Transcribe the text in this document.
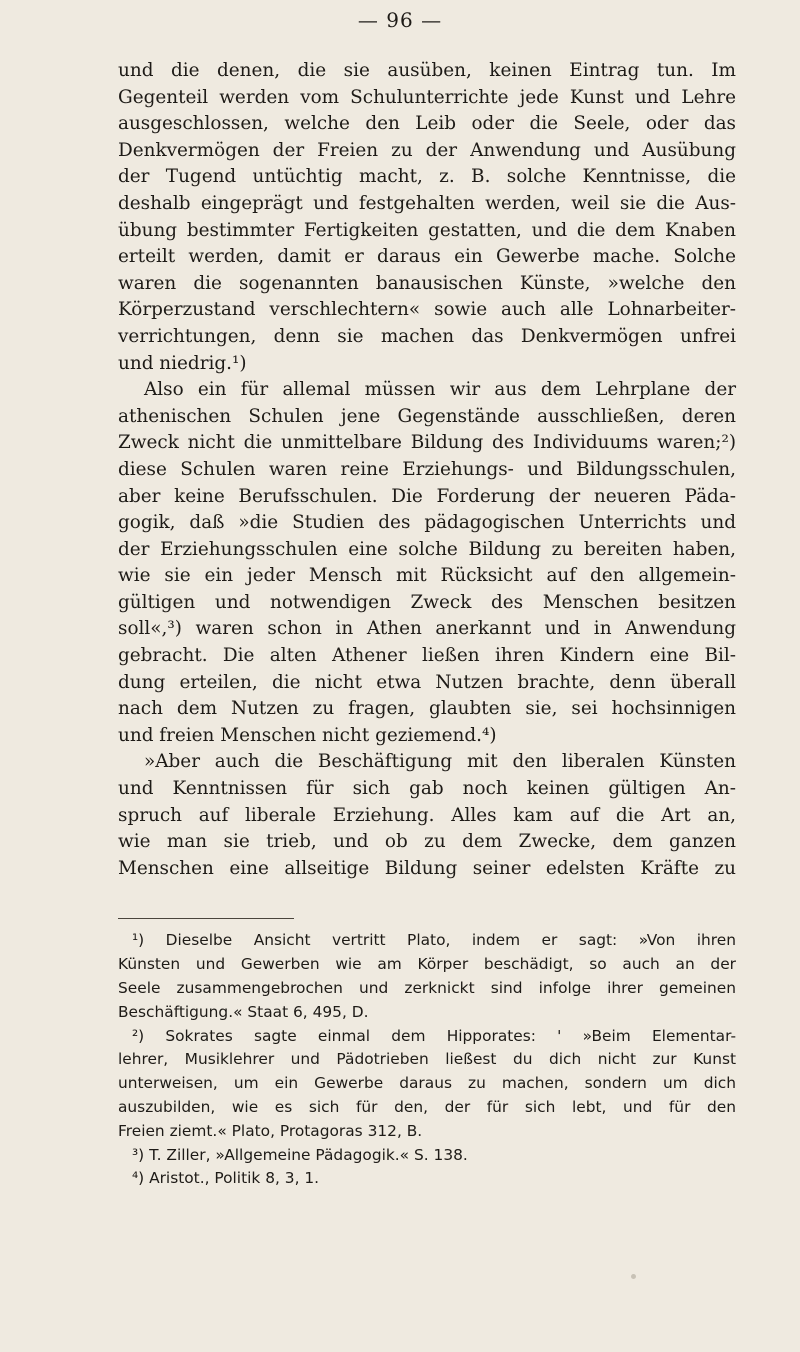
— 96 —
und die denen, die sie ausüben, keinen Eintrag tun. Im
Gegenteil werden vom Schulunterrichte jede Kunst und Lehre
ausgeschlossen, welche den Leib oder die Seele, oder das
Denkvermögen der Freien zu der Anwendung und Ausübung
der Tugend untüchtig macht, z. B. solche Kenntnisse, die
deshalb eingeprägt und festgehalten werden, weil sie die Aus-
übung bestimmter Fertigkeiten gestatten, und die dem Knaben
erteilt werden, damit er daraus ein Gewerbe mache. Solche
waren die sogenannten banausischen Künste, »welche den
Körperzustand verschlechtern« sowie auch alle Lohnarbeiter-
verrichtungen, denn sie machen das Denkvermögen unfrei
und niedrig.¹)
Also ein für allemal müssen wir aus dem Lehrplane der
athenischen Schulen jene Gegenstände ausschließen, deren
Zweck nicht die unmittelbare Bildung des Individuums waren;²)
diese Schulen waren reine Erziehungs- und Bildungsschulen,
aber keine Berufsschulen. Die Forderung der neueren Päda-
gogik, daß »die Studien des pädagogischen Unterrichts und
der Erziehungsschulen eine solche Bildung zu bereiten haben,
wie sie ein jeder Mensch mit Rücksicht auf den allgemein-
gültigen und notwendigen Zweck des Menschen besitzen
soll«,³) waren schon in Athen anerkannt und in Anwendung
gebracht. Die alten Athener ließen ihren Kindern eine Bil-
dung erteilen, die nicht etwa Nutzen brachte, denn überall
nach dem Nutzen zu fragen, glaubten sie, sei hochsinnigen
und freien Menschen nicht geziemend.⁴)
»Aber auch die Beschäftigung mit den liberalen Künsten
und Kenntnissen für sich gab noch keinen gültigen An-
spruch auf liberale Erziehung. Alles kam auf die Art an,
wie man sie trieb, und ob zu dem Zwecke, dem ganzen
Menschen eine allseitige Bildung seiner edelsten Kräfte zu
¹) Dieselbe Ansicht vertritt Plato, indem er sagt: »Von ihren
Künsten und Gewerben wie am Körper beschädigt, so auch an der
Seele zusammengebrochen und zerknickt sind infolge ihrer gemeinen
Beschäftigung.« Staat 6, 495, D.
²) Sokrates sagte einmal dem Hipporates: ' »Beim Elementar-
lehrer, Musiklehrer und Pädotrieben ließest du dich nicht zur Kunst
unterweisen, um ein Gewerbe daraus zu machen, sondern um dich
auszubilden, wie es sich für den, der für sich lebt, und für den
Freien ziemt.« Plato, Protagoras 312, B.
³) T. Ziller, »Allgemeine Pädagogik.« S. 138.
⁴) Aristot., Politik 8, 3, 1.
